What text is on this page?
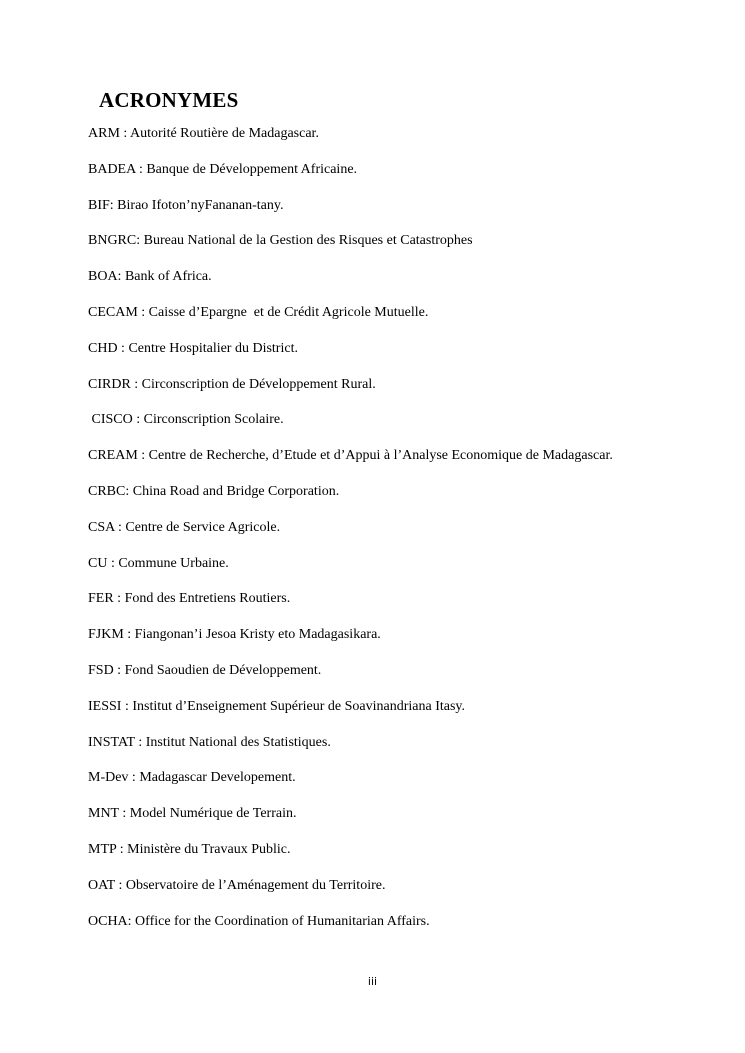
ACRONYMES
ARM : Autorité Routière de Madagascar.
BADEA : Banque de Développement Africaine.
BIF: Birao Ifoton’nyFananan-tany.
BNGRC: Bureau National de la Gestion des Risques et Catastrophes
BOA: Bank of Africa.
CECAM : Caisse d’Epargne  et de Crédit Agricole Mutuelle.
CHD : Centre Hospitalier du District.
CIRDR : Circonscription de Développement Rural.
CISCO : Circonscription Scolaire.
CREAM : Centre de Recherche, d’Etude et d’Appui à l’Analyse Economique de Madagascar.
CRBC: China Road and Bridge Corporation.
CSA : Centre de Service Agricole.
CU : Commune Urbaine.
FER : Fond des Entretiens Routiers.
FJKM : Fiangonan’i Jesoa Kristy eto Madagasikara.
FSD : Fond Saoudien de Développement.
IESSI : Institut d’Enseignement Supérieur de Soavinandriana Itasy.
INSTAT : Institut National des Statistiques.
M-Dev : Madagascar Developement.
MNT : Model Numérique de Terrain.
MTP : Ministère du Travaux Public.
OAT : Observatoire de l’Aménagement du Territoire.
OCHA: Office for the Coordination of Humanitarian Affairs.
iii
